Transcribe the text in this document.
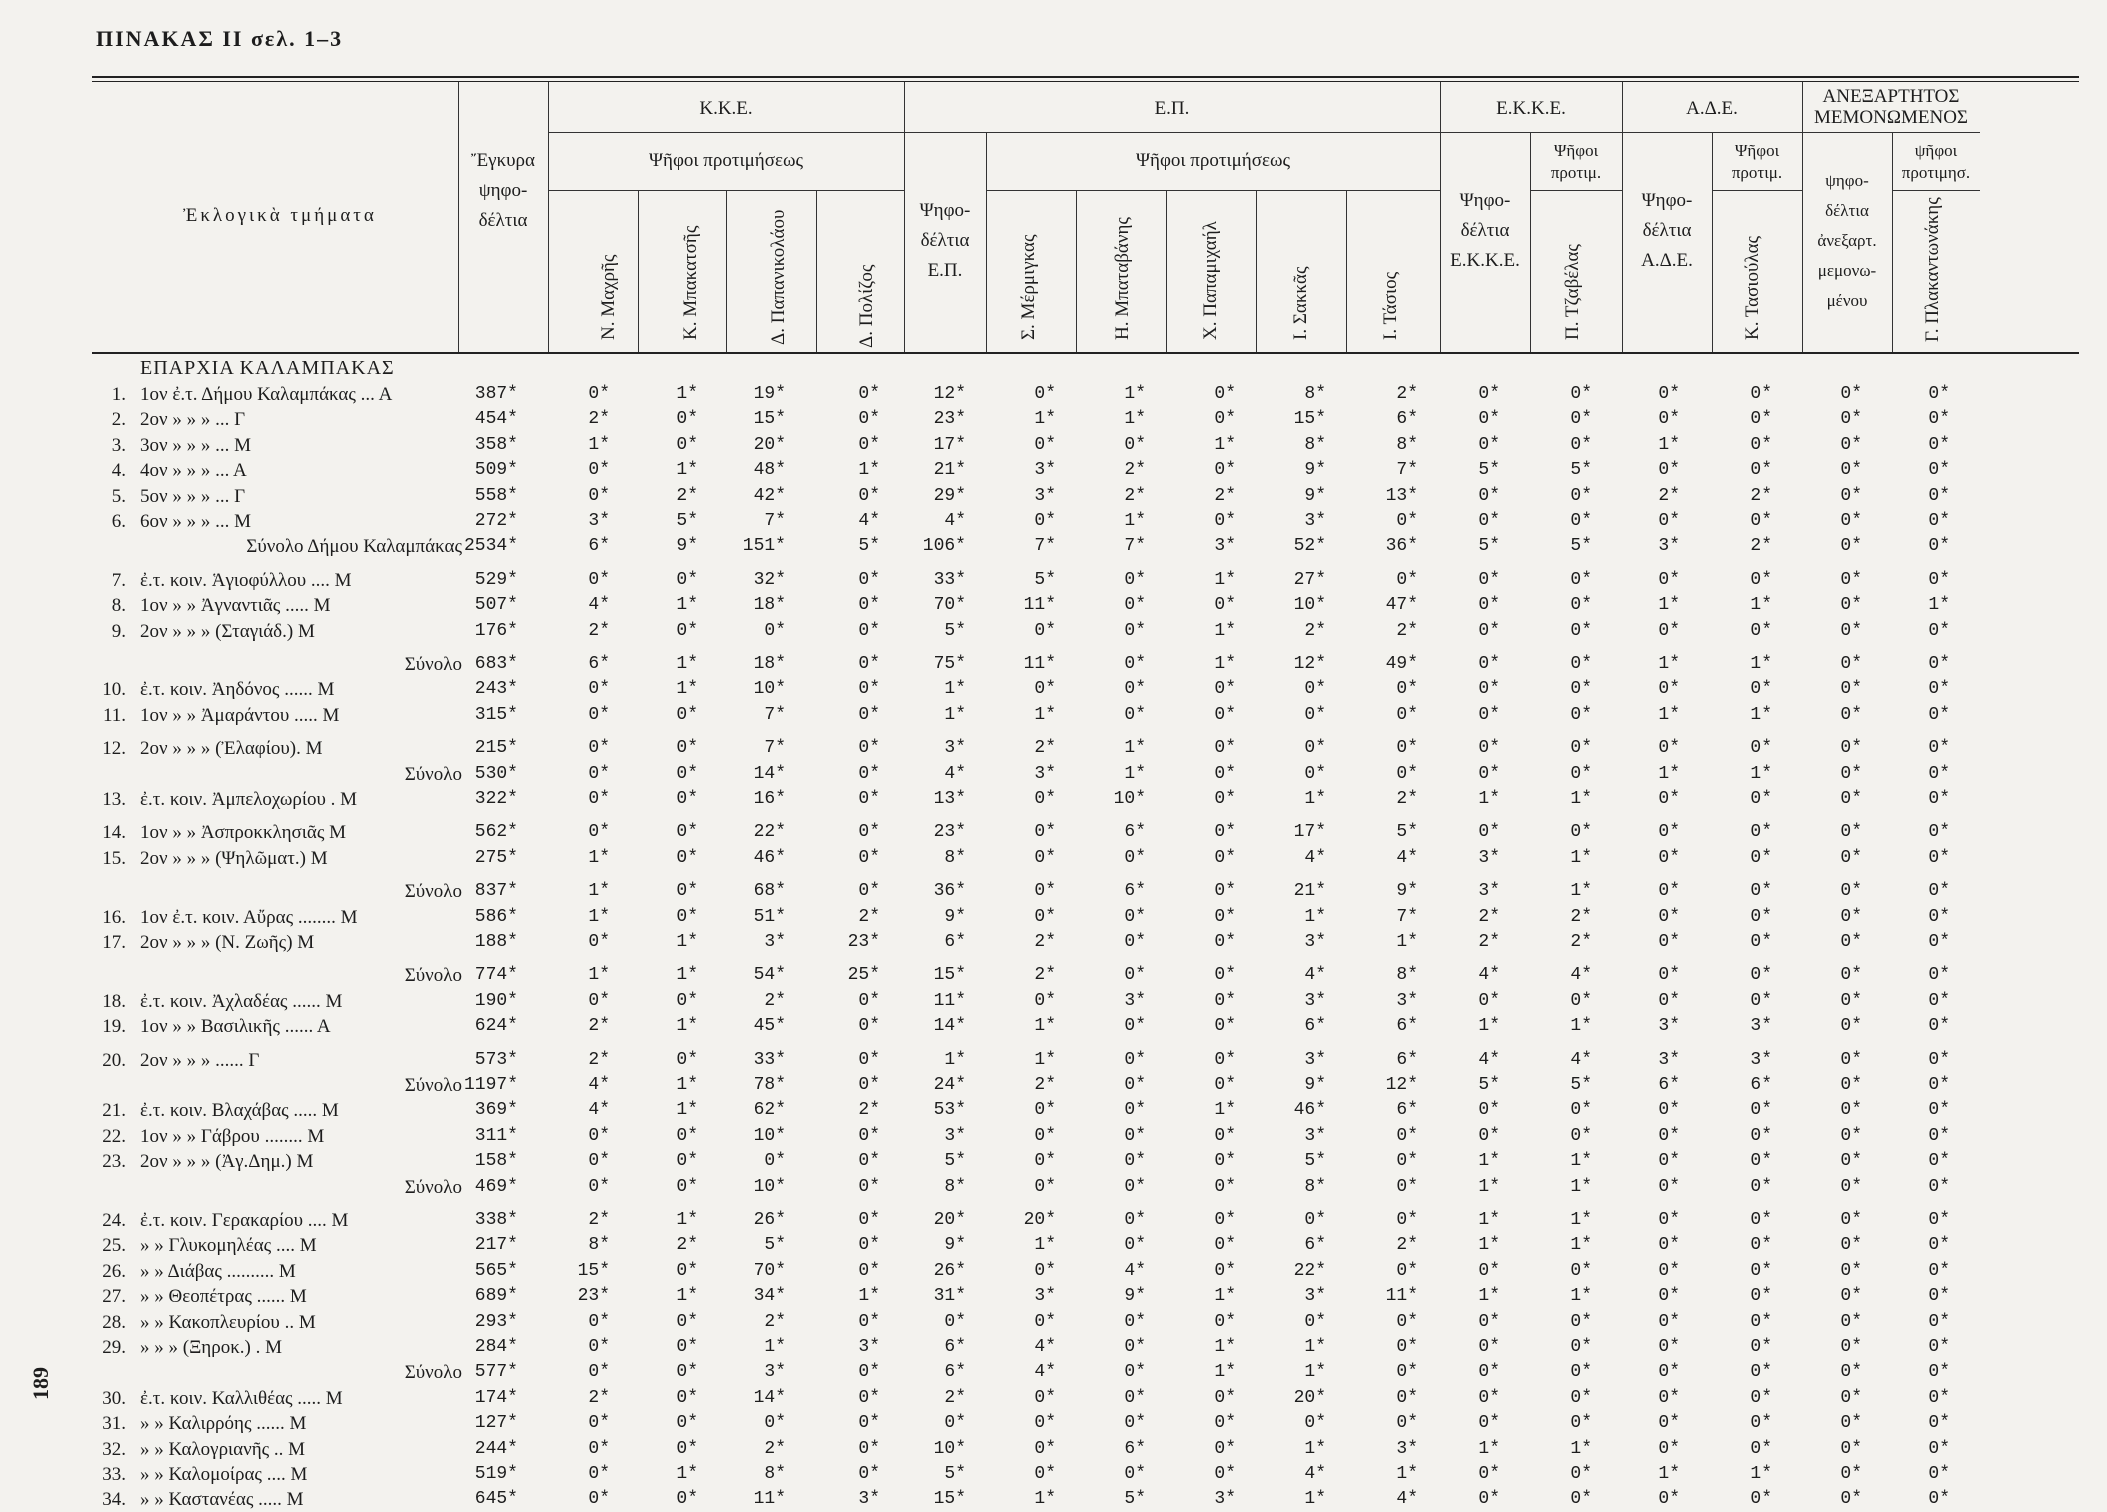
ΠΙΝΑΚΑΣ ΙΙ σελ. 1–3
189
Ἐκλογικὰ τμήματα
Ἔγκυρα
ψηφο-
δέλτια
Κ.Κ.Ε.
Ψῆφοι προτιμήσεως
Ε.Π.
Ψηφο-
δέλτια
Ε.Π.
Ψῆφοι προτιμήσεως
Ε.Κ.Κ.Ε.
Ψηφο-
δέλτια
Ε.Κ.Κ.Ε.
Ψῆφοι
προτιμ.
Α.Δ.Ε.
Ψηφο-
δέλτια
Α.Δ.Ε.
Ψῆφοι
προτιμ.
ΑΝΕΞΑΡΤΗΤΟΣ
ΜΕΜΟΝΩΜΕΝΟΣ
ψῆφοι
προτιμησ.
ψηφο-
δέλτια
ἀνεξαρτ.
μεμονω-
μένου
Ν. Μαχρῆς	Κ. Μπακατσῆς	Δ. Παπανικολάου	Δ. Πολίζος	Σ. Μέρμιγκας	Η. Μπαταβάνης	Χ. Παπαμιχαήλ	Ι. Σακκᾶς	Ι. Τάσιος	Π. Τζαβέλας	Κ. Τασιούλας	Γ. Πλακαντωνάκης
ΕΠΑΡΧΙΑ ΚΑΛΑΜΠΑΚΑΣ
1. 1ον ἐ.τ. Δήμου Καλαμπάκας ... Α	387*	0*	1*	19*	0*	12*	0*	1*	0*	8*	2*	0*	0*	0*	0*	0*	0*
2. 2ον » » » ... Γ	454*	2*	0*	15*	0*	23*	1*	1*	0*	15*	6*	0*	0*	0*	0*	0*	0*
3. 3ον » » » ... Μ	358*	1*	0*	20*	0*	17*	0*	0*	1*	8*	8*	0*	0*	1*	0*	0*	0*
4. 4ον » » » ... Α	509*	0*	1*	48*	1*	21*	3*	2*	0*	9*	7*	5*	5*	0*	0*	0*	0*
5. 5ον » » » ... Γ	558*	0*	2*	42*	0*	29*	3*	2*	2*	9*	13*	0*	0*	2*	2*	0*	0*
6. 6ον » » » ... Μ	272*	3*	5*	7*	4*	4*	0*	1*	0*	3*	0*	0*	0*	0*	0*	0*	0*
Σύνολο Δήμου Καλαμπάκας 2534*	6*	9*	151*	5*	106*	7*	7*	3*	52*	36*	5*	5*	3*	2*	0*	0*
7. ἐ.τ. κοιν. Ἁγιοφύλλου .... Μ	529*	0*	0*	32*	0*	33*	5*	0*	1*	27*	0*	0*	0*	0*	0*	0*	0*
8. 1ον » » Ἀγναντιᾶς ..... Μ	507*	4*	1*	18*	0*	70*	11*	0*	0*	10*	47*	0*	0*	1*	1*	0*	1*
9. 2ον » » » (Σταγιάδ.) Μ	176*	2*	0*	0*	0*	5*	0*	0*	1*	2*	2*	0*	0*	0*	0*	0*	0*
Σύνολο 683*	6*	1*	18*	0*	75*	11*	0*	1*	12*	49*	0*	0*	1*	1*	0*	0*
10. ἐ.τ. κοιν. Ἀηδόνος ...... Μ	243*	0*	1*	10*	0*	1*	0*	0*	0*	0*	0*	0*	0*	0*	0*	0*	0*
11. 1ον » » Ἀμαράντου ..... Μ	315*	0*	0*	7*	0*	1*	1*	0*	0*	0*	0*	0*	0*	1*	1*	0*	0*
12. 2ον » » » (Ἐλαφίου). Μ	215*	0*	0*	7*	0*	3*	2*	1*	0*	0*	0*	0*	0*	0*	0*	0*	0*
Σύνολο 530*	0*	0*	14*	0*	4*	3*	1*	0*	0*	0*	0*	0*	1*	1*	0*	0*
13. ἐ.τ. κοιν. Ἀμπελοχωρίου . Μ	322*	0*	0*	16*	0*	13*	0*	10*	0*	1*	2*	1*	1*	0*	0*	0*	0*
14. 1ον » » Ἀσπροκκλησιᾶς Μ	562*	0*	0*	22*	0*	23*	0*	6*	0*	17*	5*	0*	0*	0*	0*	0*	0*
15. 2ον » » » (Ψηλῶματ.) Μ	275*	1*	0*	46*	0*	8*	0*	0*	0*	4*	4*	3*	1*	0*	0*	0*	0*
Σύνολο 837*	1*	0*	68*	0*	36*	0*	6*	0*	21*	9*	3*	1*	0*	0*	0*	0*
16. 1ον ἐ.τ. κοιν. Αὔρας ........ Μ	586*	1*	0*	51*	2*	9*	0*	0*	0*	1*	7*	2*	2*	0*	0*	0*	0*
17. 2ον » » » (Ν. Ζωῆς) Μ	188*	0*	1*	3*	23*	6*	2*	0*	0*	3*	1*	2*	2*	0*	0*	0*	0*
Σύνολο 774*	1*	1*	54*	25*	15*	2*	0*	0*	4*	8*	4*	4*	0*	0*	0*	0*
18. ἐ.τ. κοιν. Ἀχλαδέας ...... Μ	190*	0*	0*	2*	0*	11*	0*	3*	0*	3*	3*	0*	0*	0*	0*	0*	0*
19. 1ον » » Βασιλικῆς ...... Α	624*	2*	1*	45*	0*	14*	1*	0*	0*	6*	6*	1*	1*	3*	3*	0*	0*
20. 2ον » » » ...... Γ	573*	2*	0*	33*	0*	1*	1*	0*	0*	3*	6*	4*	4*	3*	3*	0*	0*
Σύνολο 1197*	4*	1*	78*	0*	24*	2*	0*	0*	9*	12*	5*	5*	6*	6*	0*	0*
21. ἐ.τ. κοιν. Βλαχάβας ..... Μ	369*	4*	1*	62*	2*	53*	0*	0*	1*	46*	6*	0*	0*	0*	0*	0*	0*
22. 1ον » » Γάβρου ........ Μ	311*	0*	0*	10*	0*	3*	0*	0*	0*	3*	0*	0*	0*	0*	0*	0*	0*
23. 2ον » » » (Ἀγ.Δημ.) Μ	158*	0*	0*	0*	0*	5*	0*	0*	0*	5*	0*	1*	1*	0*	0*	0*	0*
Σύνολο 469*	0*	0*	10*	0*	8*	0*	0*	0*	8*	0*	1*	1*	0*	0*	0*	0*
24. ἐ.τ. κοιν. Γερακαρίου .... Μ	338*	2*	1*	26*	0*	20*	20*	0*	0*	0*	0*	1*	1*	0*	0*	0*	0*
25. » » Γλυκομηλέας .... Μ	217*	8*	2*	5*	0*	9*	1*	0*	0*	6*	2*	1*	1*	0*	0*	0*	0*
26. » » Διάβας .......... Μ	565*	15*	0*	70*	0*	26*	0*	4*	0*	22*	0*	0*	0*	0*	0*	0*	0*
27. » » Θεοπέτρας ...... Μ	689*	23*	1*	34*	1*	31*	3*	9*	1*	3*	11*	1*	1*	0*	0*	0*	0*
28. » » Κακοπλευρίου .. Μ	293*	0*	0*	2*	0*	0*	0*	0*	0*	0*	0*	0*	0*	0*	0*	0*	0*
29. » » » (Ξηροκ.) . Μ	284*	0*	0*	1*	3*	6*	4*	0*	1*	1*	0*	0*	0*	0*	0*	0*	0*
Σύνολο 577*	0*	0*	3*	0*	6*	4*	0*	1*	1*	0*	0*	0*	0*	0*	0*	0*
30. ἐ.τ. κοιν. Καλλιθέας ..... Μ	174*	2*	0*	14*	0*	2*	0*	0*	0*	20*	0*	0*	0*	0*	0*	0*	0*
31. » » Καλιρρόης ...... Μ	127*	0*	0*	0*	0*	0*	0*	0*	0*	0*	0*	0*	0*	0*	0*	0*	0*
32. » » Καλογριανῆς .. Μ	244*	0*	0*	2*	0*	10*	0*	6*	0*	1*	3*	1*	1*	0*	0*	0*	0*
33. » » Καλομοίρας .... Μ	519*	0*	1*	8*	0*	5*	0*	0*	0*	4*	1*	0*	0*	1*	1*	0*	0*
34. » » Καστανέας ..... Μ	645*	0*	0*	11*	3*	15*	1*	5*	3*	1*	4*	0*	0*	0*	0*	0*	0*
